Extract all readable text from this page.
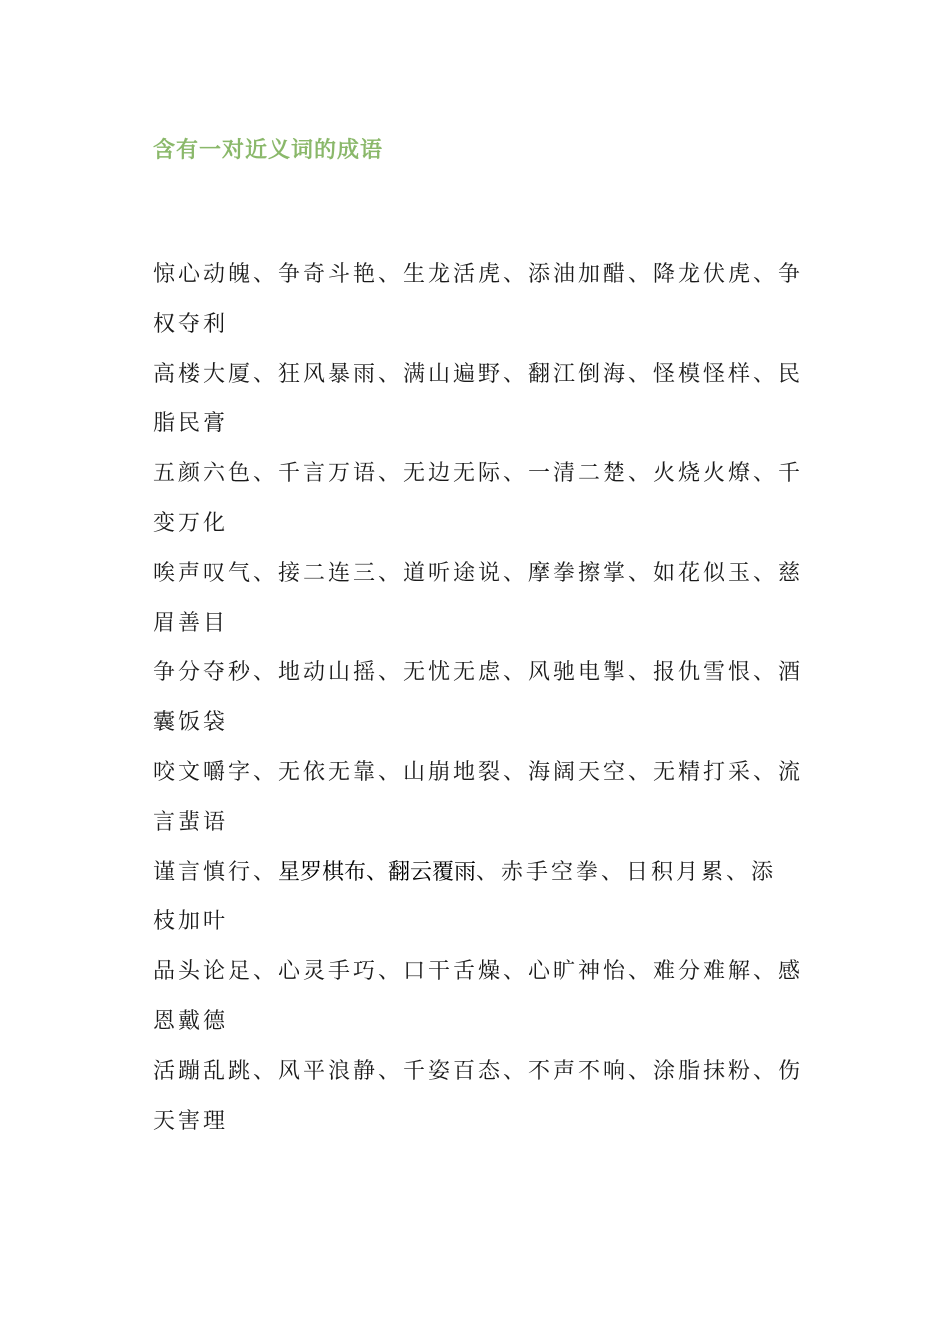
含有一对近义词的成语
惊心动魄、争奇斗艳、生龙活虎、添油加醋、降龙伏虎、争
权夺利
高楼大厦、狂风暴雨、满山遍野、翻江倒海、怪模怪样、民
脂民膏
五颜六色、千言万语、无边无际、一清二楚、火烧火燎、千
变万化
唉声叹气、接二连三、道听途说、摩拳擦掌、如花似玉、慈
眉善目
争分夺秒、地动山摇、无忧无虑、风驰电掣、报仇雪恨、酒
囊饭袋
咬文嚼字、无依无靠、山崩地裂、海阔天空、无精打采、流
言蜚语
谨言慎行、星罗棋布、翻云覆雨、赤手空拳、日积月累、添
枝加叶
品头论足、心灵手巧、口干舌燥、心旷神怡、难分难解、感
恩戴德
活蹦乱跳、风平浪静、千姿百态、不声不响、涂脂抹粉、伤
天害理
